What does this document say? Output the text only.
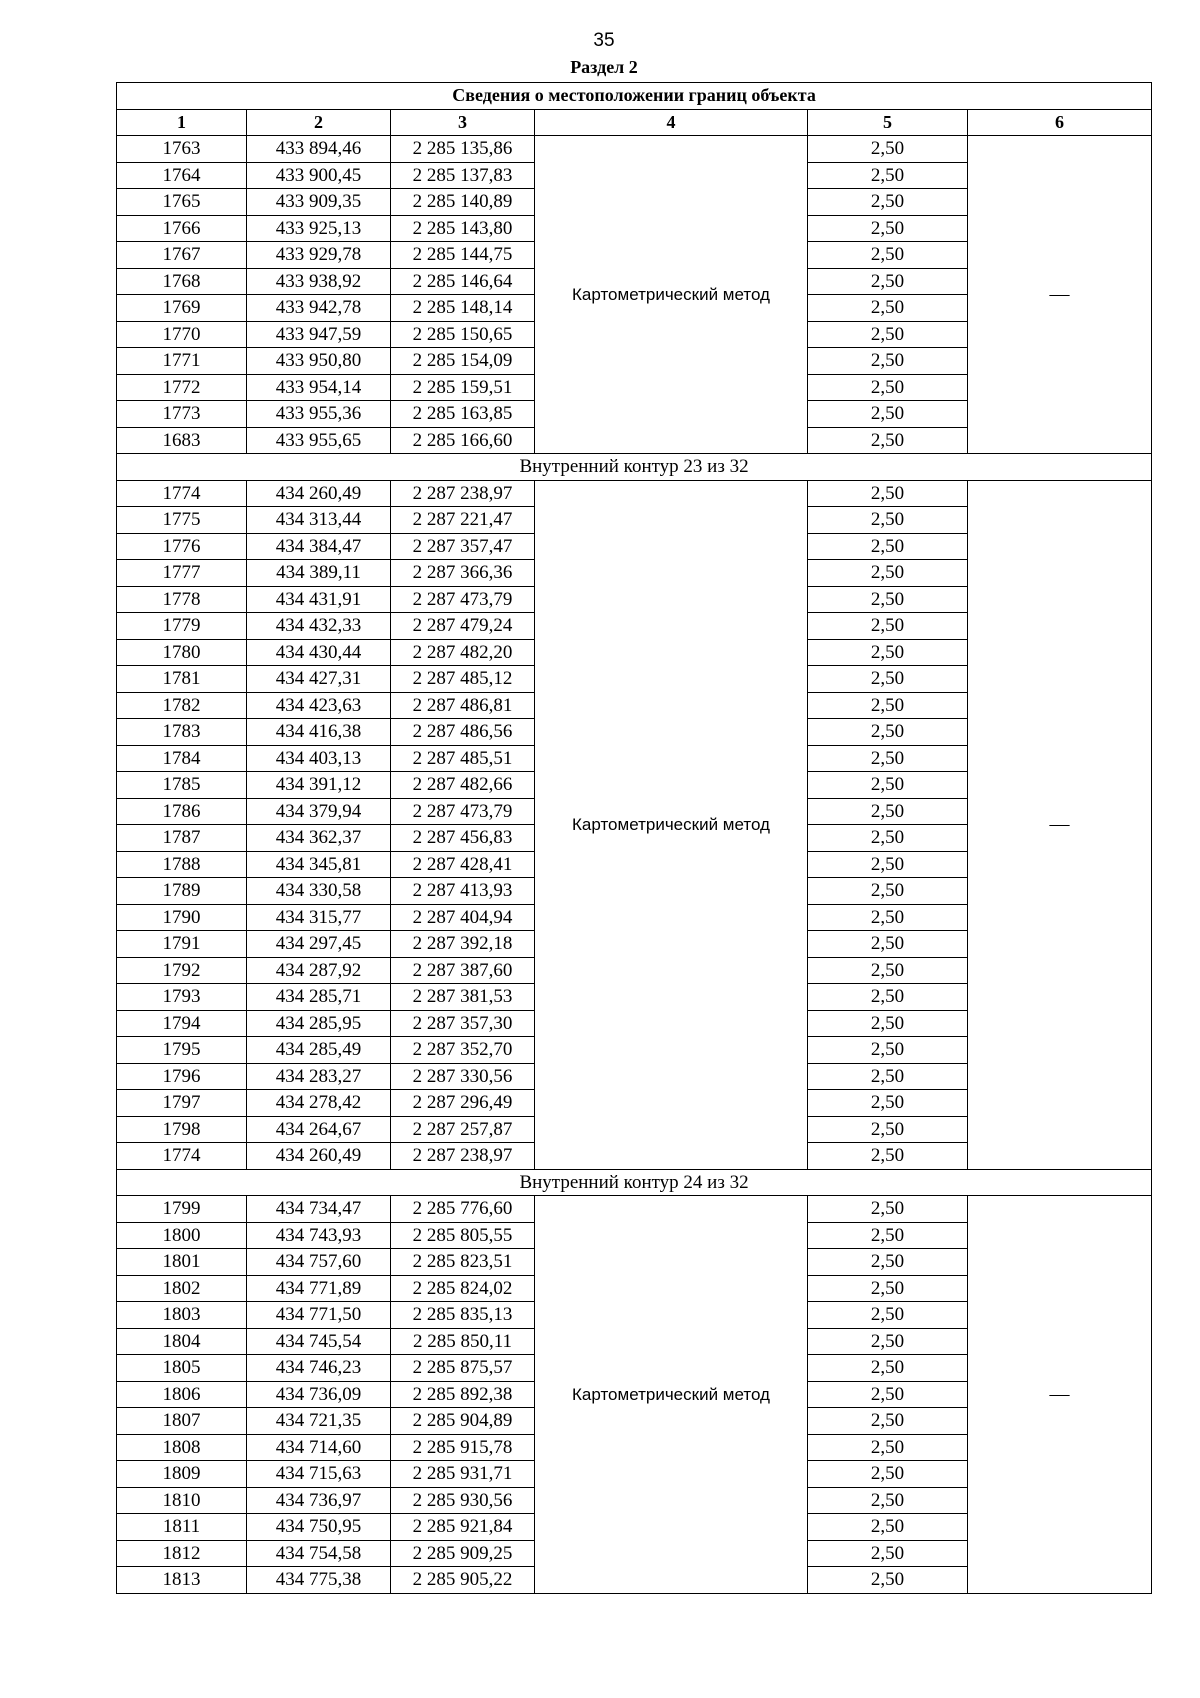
35
Раздел 2
Сведения о местоположении границ объекта					
1	2	3	4	5	6
1763	433 894,46	2 285 135,86	Картометрический метод	2,50	—
1764	433 900,45	2 285 137,83		2,50	
1765	433 909,35	2 285 140,89		2,50	
1766	433 925,13	2 285 143,80		2,50	
1767	433 929,78	2 285 144,75		2,50	
1768	433 938,92	2 285 146,64		2,50	
1769	433 942,78	2 285 148,14		2,50	
1770	433 947,59	2 285 150,65		2,50	
1771	433 950,80	2 285 154,09		2,50	
1772	433 954,14	2 285 159,51		2,50	
1773	433 955,36	2 285 163,85		2,50	
1683	433 955,65	2 285 166,60		2,50	
Внутренний контур 23 из 32					
1774	434 260,49	2 287 238,97	Картометрический метод	2,50	—
1775	434 313,44	2 287 221,47		2,50	
1776	434 384,47	2 287 357,47		2,50	
1777	434 389,11	2 287 366,36		2,50	
1778	434 431,91	2 287 473,79		2,50	
1779	434 432,33	2 287 479,24		2,50	
1780	434 430,44	2 287 482,20		2,50	
1781	434 427,31	2 287 485,12		2,50	
1782	434 423,63	2 287 486,81		2,50	
1783	434 416,38	2 287 486,56		2,50	
1784	434 403,13	2 287 485,51		2,50	
1785	434 391,12	2 287 482,66		2,50	
1786	434 379,94	2 287 473,79		2,50	
1787	434 362,37	2 287 456,83		2,50	
1788	434 345,81	2 287 428,41		2,50	
1789	434 330,58	2 287 413,93		2,50	
1790	434 315,77	2 287 404,94		2,50	
1791	434 297,45	2 287 392,18		2,50	
1792	434 287,92	2 287 387,60		2,50	
1793	434 285,71	2 287 381,53		2,50	
1794	434 285,95	2 287 357,30		2,50	
1795	434 285,49	2 287 352,70		2,50	
1796	434 283,27	2 287 330,56		2,50	
1797	434 278,42	2 287 296,49		2,50	
1798	434 264,67	2 287 257,87		2,50	
1774	434 260,49	2 287 238,97		2,50	
Внутренний контур 24 из 32					
1799	434 734,47	2 285 776,60	Картометрический метод	2,50	—
1800	434 743,93	2 285 805,55		2,50	
1801	434 757,60	2 285 823,51		2,50	
1802	434 771,89	2 285 824,02		2,50	
1803	434 771,50	2 285 835,13		2,50	
1804	434 745,54	2 285 850,11		2,50	
1805	434 746,23	2 285 875,57		2,50	
1806	434 736,09	2 285 892,38		2,50	
1807	434 721,35	2 285 904,89		2,50	
1808	434 714,60	2 285 915,78		2,50	
1809	434 715,63	2 285 931,71		2,50	
1810	434 736,97	2 285 930,56		2,50	
1811	434 750,95	2 285 921,84		2,50	
1812	434 754,58	2 285 909,25		2,50	
1813	434 775,38	2 285 905,22		2,50	
